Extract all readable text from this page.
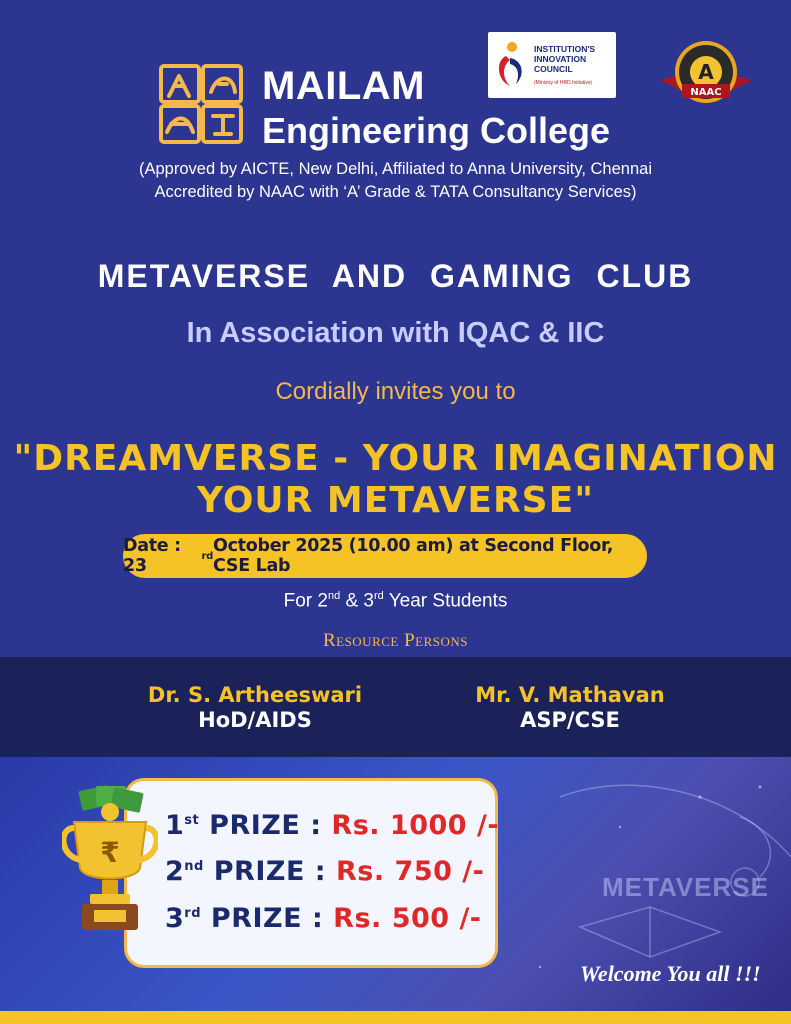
MAILAM
Engineering College
INSTITUTION'S INNOVATION COUNCIL
(Ministry of HRD Initiative)	A
NAAC
(Approved by AICTE, New Delhi, Affiliated to Anna University, Chennai
Accredited by NAAC with ‘A’ Grade & TATA Consultancy Services)
METAVERSE AND GAMING CLUB
In Association with IQAC & IIC
Cordially invites you to
"DREAMVERSE - YOUR IMAGINATION
YOUR METAVERSE"
Date : 23	rd October 2025 (10.00 am) at Second Floor, CSE Lab
For 2nd & 3rd Year Students
Resource Persons
Dr. S. Artheeswari
HoD/AIDS
Mr. V. Mathavan
ASP/CSE
METAVERSE
₹
1st PRIZE : Rs. 1000 /-
2nd PRIZE : Rs. 750 /-
3rd PRIZE : Rs. 500 /-
Welcome You all !!!
